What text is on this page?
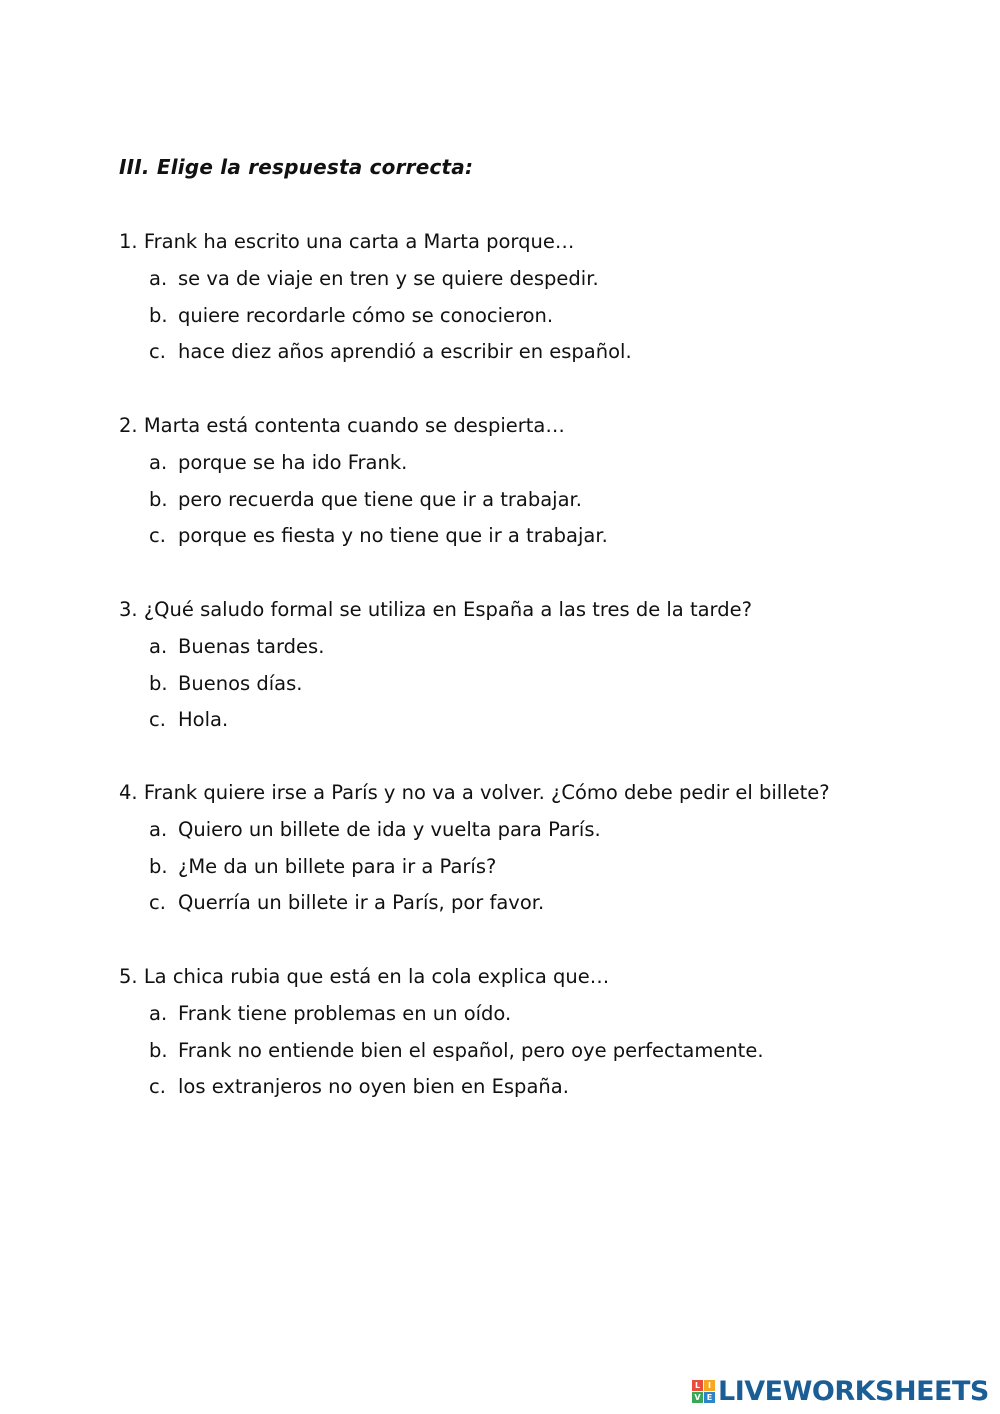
III. Elige la respuesta correcta:
1. Frank ha escrito una carta a Marta porque…
a. se va de viaje en tren y se quiere despedir.
b. quiere recordarle cómo se conocieron.
c. hace diez años aprendió a escribir en español.
2. Marta está contenta cuando se despierta…
a. porque se ha ido Frank.
b. pero recuerda que tiene que ir a trabajar.
c. porque es fiesta y no tiene que ir a trabajar.
3. ¿Qué saludo formal se utiliza en España a las tres de la tarde?
a. Buenas tardes.
b. Buenos días.
c. Hola.
4. Frank quiere irse a París y no va a volver. ¿Cómo debe pedir el billete?
a. Quiero un billete de ida y vuelta para París.
b. ¿Me da un billete para ir a París?
c. Querría un billete ir a París, por favor.
5. La chica rubia que está en la cola explica que…
a. Frank tiene problemas en un oído.
b. Frank no entiende bien el español, pero oye perfectamente.
c. los extranjeros no oyen bien en España.
L I
V E LIVEWORKSHEETS
